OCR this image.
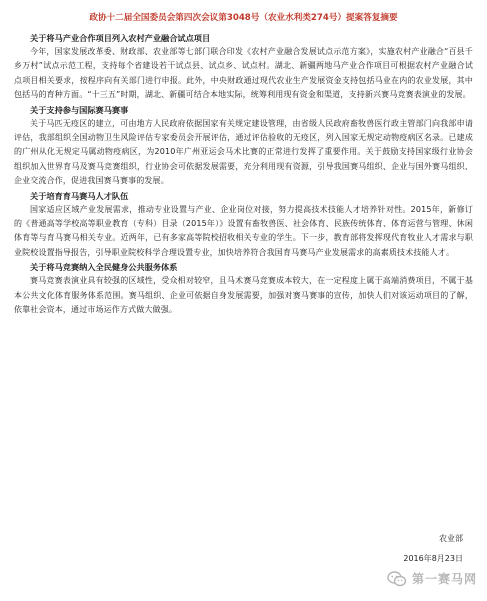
政协十二届全国委员会第四次会议第3048号（农业水利类274号）提案答复摘要
关于将马产业合作项目列入农村产业融合试点项目

今年，国家发展改革委、财政部、农业部等七部门联合印发《农村产业融合发展试点示范方案》，实施农村产业融合“百县千乡万村”试点示范工程，支持每个省建设若干试点县、试点乡、试点村。湖北、新疆两地马产业合作项目可根据农村产业融合试点项目相关要求，按程序向有关部门进行申报。此外，中央财政通过现代农业生产发展资金支持包括马业在内的农业发展，其中包括马的育种方面。“十三五”时期，湖北、新疆可结合本地实际，统筹利用现有资金和渠道，支持新兴赛马竞赛表演业的发展。

关于支持参与国际赛马赛事

关于马匹无疫区的建立，可由地方人民政府依据国家有关规定建设管理，由省级人民政府畜牧兽医行政主管部门向我部申请评估，我部组织全国动物卫生风险评估专家委员会开展评估，通过评估验收的无疫区，列入国家无规定动物疫病区名录。已建成的广州从化无规定马属动物疫病区，为2010年广州亚运会马术比赛的正常进行发挥了重要作用。关于鼓励支持国家级行业协会组织加入世界育马及赛马竞赛组织，行业协会可依据发展需要，充分利用现有资源，引导我国赛马组织、企业与国外赛马组织、企业交流合作，促进我国赛马赛事的发展。

关于培育育马赛马人才队伍

国家适应区域产业发展需求，推动专业设置与产业、企业岗位对接，努力提高技术技能人才培养针对性。2015年，新修订的《普通高等学校高等职业教育（专科）目录（2015年）》设置有畜牧兽医、社会体育、民族传统体育、体育运营与管理、休闲体育等与育马赛马相关专业。近两年，已有多家高等院校招收相关专业的学生。下一步，教育部将发挥现代育牧业人才需求与职业院校设置指导报告，引导职业院校科学合理设置专业，加快培养符合我国育马赛马产业发展需求的高素质技术技能人才。

关于将马竞赛纳入全民健身公共服务体系

赛马竞赛表演业具有较强的区域性，受众相对较窄，且马术赛马竞赛成本较大，在一定程度上属于高端消费项目，不属于基本公共文化体育服务体系范围。赛马组织、企业可依据自身发展需要，加强对赛马赛事的宣传，加快人们对该运动项目的了解，依靠社会资本，通过市场运作方式做大做强。

农业部
2016年8月23日
第一赛马网
